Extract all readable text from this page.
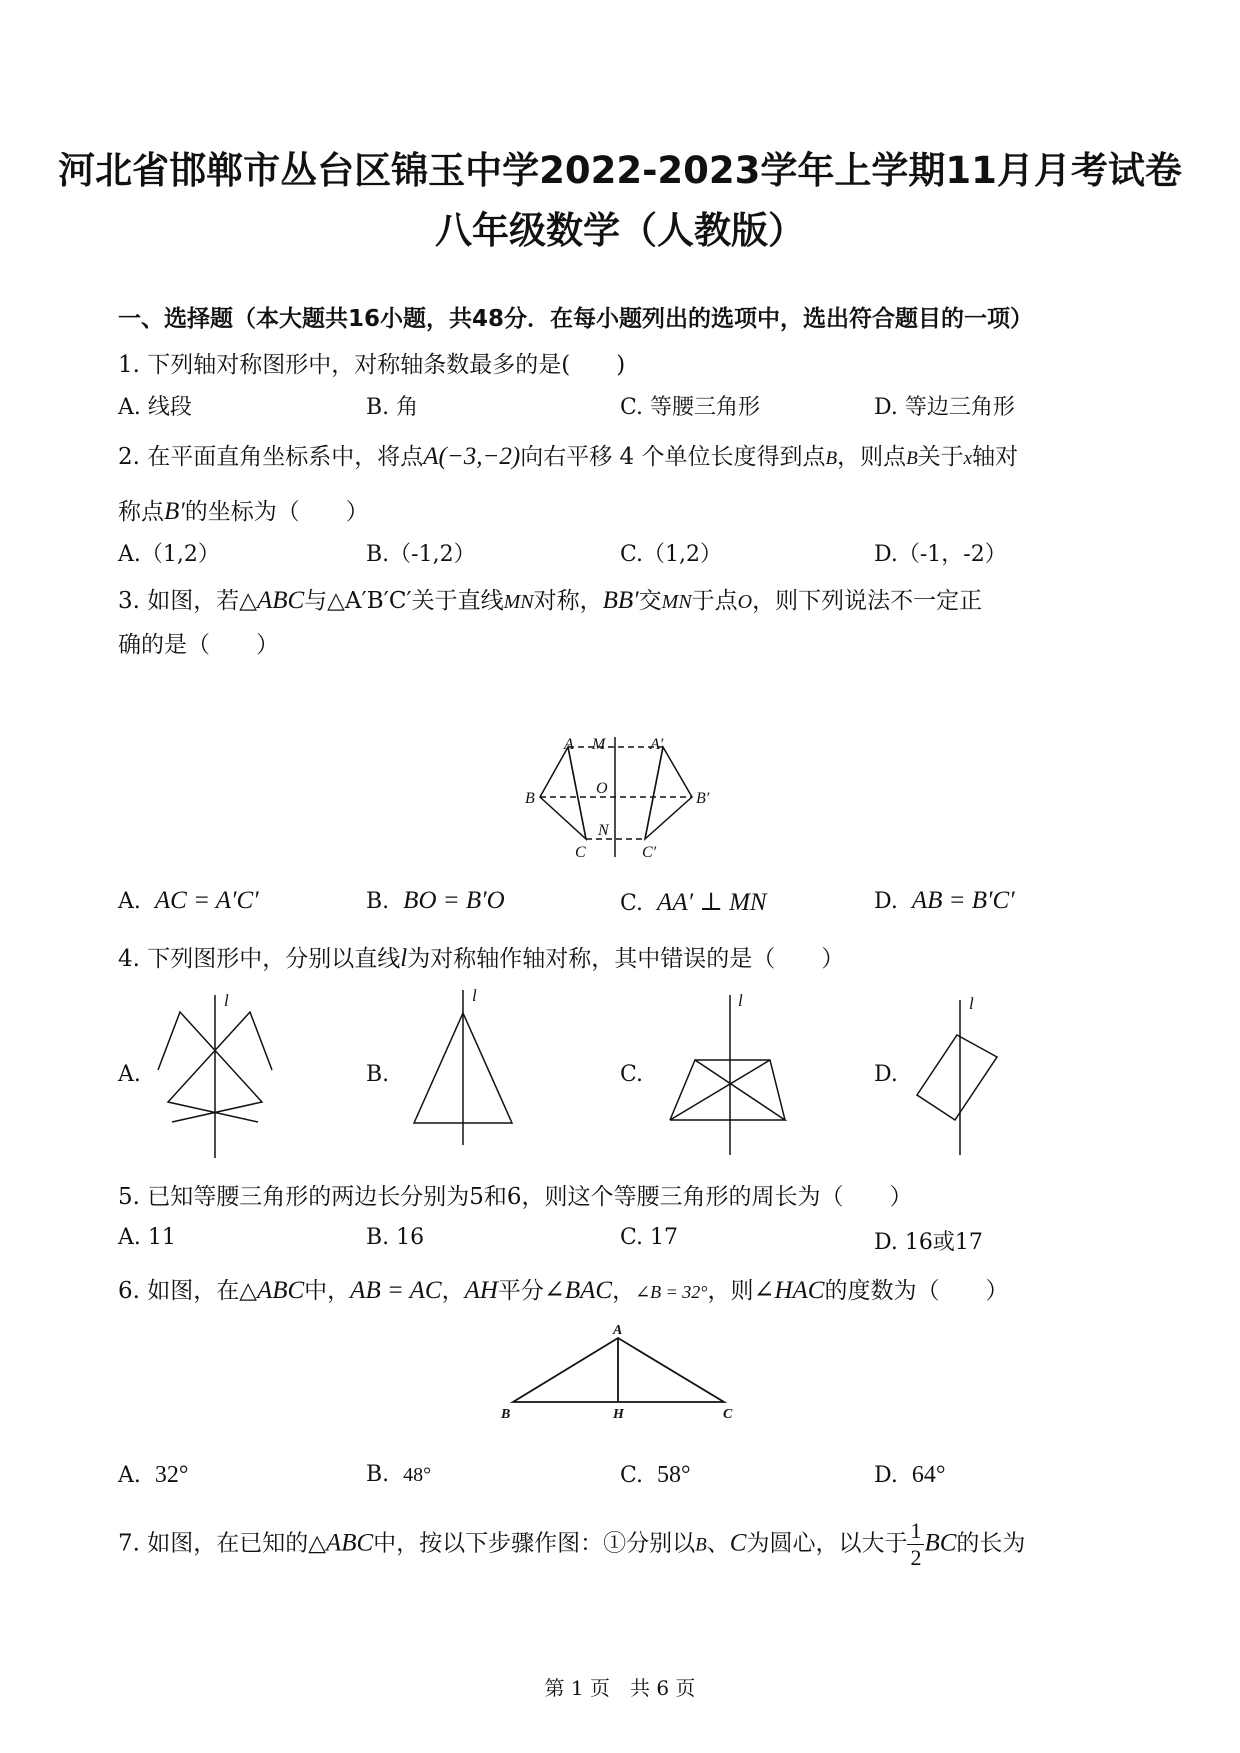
河北省邯郸市丛台区锦玉中学2022-2023学年上学期11月月考试卷
八年级数学（人教版）
一、选择题（本大题共16小题，共48分．在每小题列出的选项中，选出符合题目的一项）
1. 下列轴对称图形中，对称轴条数最多的是(　　)
A. 线段	B. 角	C. 等腰三角形	D. 等边三角形
2. 在平面直角坐标系中，将点A(−3,−2)向右平移 4 个单位长度得到点B，则点B关于x轴对
称点B′的坐标为（　　）
A.（1,2）	B.（-1,2）	C.（1,2）	D.（-1，-2）
3. 如图，若△ABC与△A′B′C′关于直线MN对称，BB′交MN于点O，则下列说法不一定正
确的是（　　）
A M	A′
B
O
B′
N
C	C′
A. AC = A′C′	B. BO = B′O	C. AA′ ⊥ MN	D. AB = B′C′
4. 下列图形中，分别以直线l为对称轴作轴对称，其中错误的是（　　）
A.	B.	C.	D.
l	l	l	l
5. 已知等腰三角形的两边长分别为5和6，则这个等腰三角形的周长为（　　）
A. 11	B. 16	C. 17	D. 16或17
6. 如图，在△ABC中，AB = AC，AH平分∠BAC，∠B = 32°，则∠HAC的度数为（　　）
A
B	H	C
A. 32°	B. 48°	C. 58°	D. 64°
7. 如图，在已知的△ABC中，按以下步骤作图：①分别以B、C为圆心，以大于 $\frac{1}{2}$ BC的长为
第 1 页　共 6 页
